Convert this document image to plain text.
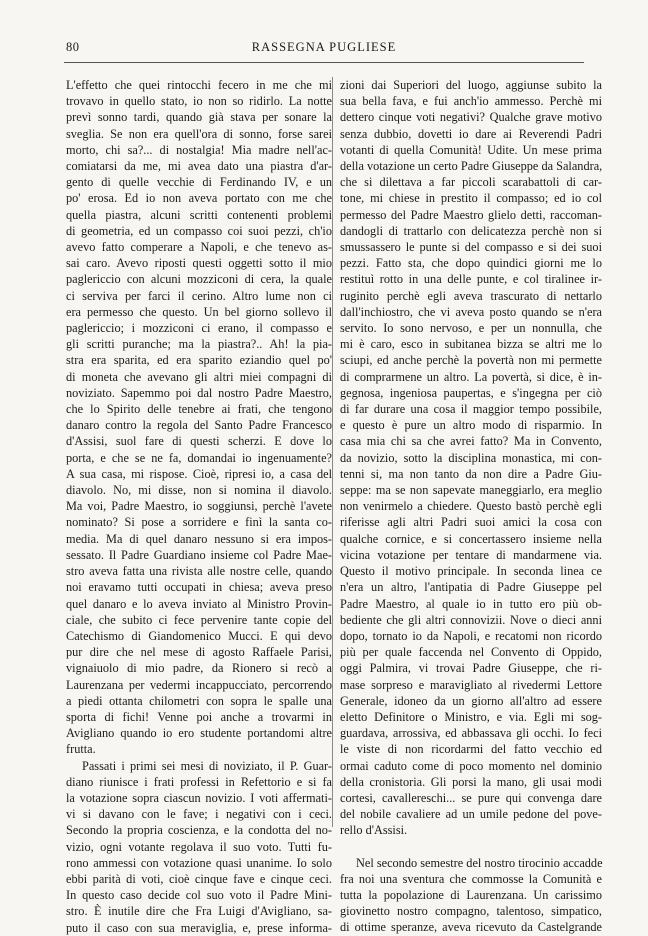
80	RASSEGNA PUGLIESE

L'effetto che quei rintocchi fecero in me che mi

trovavo in quello stato, io non so ridirlo. La notte

prevì sonno tardi, quando già stava per sonare la

sveglia. Se non era quell'ora di sonno, forse sarei

morto, chi sa?... di nostalgia! Mia madre nell'ac-

comiatarsi da me, mi avea dato una piastra d'ar-

gento di quelle vecchie di Ferdinando IV, e un

po' erosa. Ed io non aveva portato con me che

quella piastra, alcuni scritti contenenti problemi

di geometria, ed un compasso coi suoi pezzi, ch'io

avevo fatto comperare a Napoli, e che tenevo as-

sai caro. Avevo riposti questi oggetti sotto il mio

paglericcio con alcuni mozziconi di cera, la quale

ci serviva per farci il cerino. Altro lume non ci

era permesso che questo. Un bel giorno sollevo il

paglericcio; i mozziconi ci erano, il compasso e

gli scritti puranche; ma la piastra?.. Ah! la pia-

stra era sparita, ed era sparito eziandio quel po'

di moneta che avevano gli altri miei compagni di

noviziato. Sapemmo poi dal nostro Padre Maestro,

che lo Spirito delle tenebre ai frati, che tengono

danaro contro la regola del Santo Padre Francesco

d'Assisi, suol fare di questi scherzi. E dove lo

porta, e che se ne fa, domandai io ingenuamente?

A sua casa, mi rispose. Cioè, ripresi io, a casa del

diavolo. No, mi disse, non si nomina il diavolo.

Ma voi, Padre Maestro, io soggiunsi, perchè l'avete

nominato? Si pose a sorridere e finì la santa co-

media. Ma di quel danaro nessuno si era impos-

sessato. Il Padre Guardiano insieme col Padre Mae-

stro aveva fatta una rivista alle nostre celle, quando

noi eravamo tutti occupati in chiesa; aveva preso

quel danaro e lo aveva inviato al Ministro Provin-

ciale, che subito ci fece pervenire tante copie del

Catechismo di Giandomenico Mucci. E qui devo

pur dire che nel mese di agosto Raffaele Parisi,

vignaiuolo di mio padre, da Rionero si recò a

Laurenzana per vedermi incappucciato, percorrendo

a piedi ottanta chilometri con sopra le spalle una

sporta di fichi! Venne poi anche a trovarmi in

Avigliano quando io ero studente portandomi altre

frutta.

Passati i primi sei mesi di noviziato, il P. Guar-

diano riunisce i frati professi in Refettorio e si fa

la votazione sopra ciascun novizio. I voti affermati-

vi si davano con le fave; i negativi con i ceci.

Secondo la propria coscienza, e la condotta del no-

vizio, ogni votante regolava il suo voto. Tutti fu-

rono ammessi con votazione quasi unanime. Io solo

ebbi parità di voti, cioè cinque fave e cinque ceci.

In questo caso decide col suo voto il Padre Mini-

stro. È inutile dire che Fra Luigi d'Avigliano, sa-

puto il caso con sua meraviglia, e, prese informa-

zioni dai Superiori del luogo, aggiunse subito la

sua bella fava, e fui anch'io ammesso. Perchè mi

dettero cinque voti negativi? Qualche grave motivo

senza dubbio, dovetti io dare ai Reverendi Padri

votanti di quella Comunità! Udite. Un mese prima

della votazione un certo Padre Giuseppe da Salandra,

che si dilettava a far piccoli scarabattoli di car-

tone, mi chiese in prestito il compasso; ed io col

permesso del Padre Maestro glielo detti, raccoman-

dandogli di trattarlo con delicatezza perchè non si

smussassero le punte si del compasso e si dei suoi

pezzi. Fatto sta, che dopo quindici giorni me lo

restituì rotto in una delle punte, e col tiralinee ir-

ruginito perchè egli aveva trascurato di nettarlo

dall'inchiostro, che vi aveva posto quando se n'era

servito. Io sono nervoso, e per un nonnulla, che

mi è caro, esco in subitanea bizza se altri me lo

sciupi, ed anche perchè la povertà non mi permette

di comprarmene un altro. La povertà, si dice, è in-

gegnosa, ingeniosa paupertas, e s'ingegna per ciò

di far durare una cosa il maggior tempo possibile,

e questo è pure un altro modo di risparmio. In

casa mia chi sa che avrei fatto? Ma in Convento,

da novizio, sotto la disciplina monastica, mi con-

tenni si, ma non tanto da non dire a Padre Giu-

seppe: ma se non sapevate maneggiarlo, era meglio

non venirmelo a chiedere. Questo bastò perchè egli

riferisse agli altri Padri suoi amici la cosa con

qualche cornice, e si concertassero insieme nella

vicina votazione per tentare di mandarmene via.

Questo il motivo principale. In seconda linea ce

n'era un altro, l'antipatia di Padre Giuseppe pel

Padre Maestro, al quale io in tutto ero più ob-

bediente che gli altri connovizii. Nove o dieci anni

dopo, tornato io da Napoli, e recatomi non ricordo

più per quale faccenda nel Convento di Oppido,

oggi Palmira, vi trovai Padre Giuseppe, che ri-

mase sorpreso e maravigliato al rivedermi Lettore

Generale, idoneo da un giorno all'altro ad essere

eletto Definitore o Ministro, e via. Egli mi sog-

guardava, arrossiva, ed abbassava gli occhi. Io feci

le viste di non ricordarmi del fatto vecchio ed

ormai caduto come di poco momento nel dominio

della cronistoria. Gli porsi la mano, gli usai modi

cortesi, cavallereschi... se pure qui convenga dare

del nobile cavaliere ad un umile pedone del pove-

rello d'Assisi.

Nel secondo semestre del nostro tirocinio accadde

fra noi una sventura che commosse la Comunità e

tutta la popolazione di Laurenzana. Un carissimo

giovinetto nostro compagno, talentoso, simpatico,

di ottime speranze, aveva ricevuto da Castelgrande
